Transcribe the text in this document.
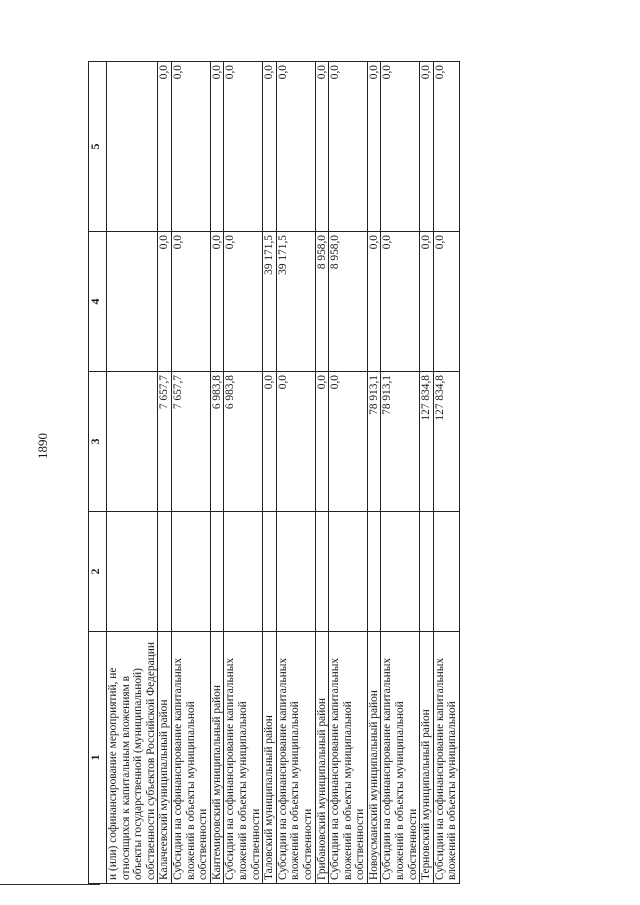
1890
1	2	3	4	5

и (или) софинансирование мероприятий, не относящихся к капитальным вложениям в объекты государственной (муниципальной) собственности субъектов Российской Федерации				

Калачеевский муниципальный район		7 657,7	0,0	0,0

Субсидии на софинансирование капитальных вложений в объекты муниципальной собственности		7 657,7	0,0	0,0
Кантемировский муниципальный район		6 983,8	0,0	0,0

Субсидии на софинансирование капитальных вложений в объекты муниципальной собственности		6 983,8	0,0	0,0
Таловский муниципальный район		0,0	39 171,5	0,0

Субсидии на софинансирование капитальных вложений в объекты муниципальной собственности		0,0	39 171,5	0,0
Грибановский муниципальный район		0,0	8 958,0	0,0

Субсидии на софинансирование капитальных вложений в объекты муниципальной собственности		0,0	8 958,0	0,0
Новоусманский муниципальный район		78 913,1	0,0	0,0

Субсидии на софинансирование капитальных вложений в объекты муниципальной собственности		78 913,1	0,0	0,0
Терновский муниципальный район		127 834,8	0,0	0,0

Субсидии на софинансирование капитальных вложений в объекты муниципальной		127 834,8	0,0	0,0
